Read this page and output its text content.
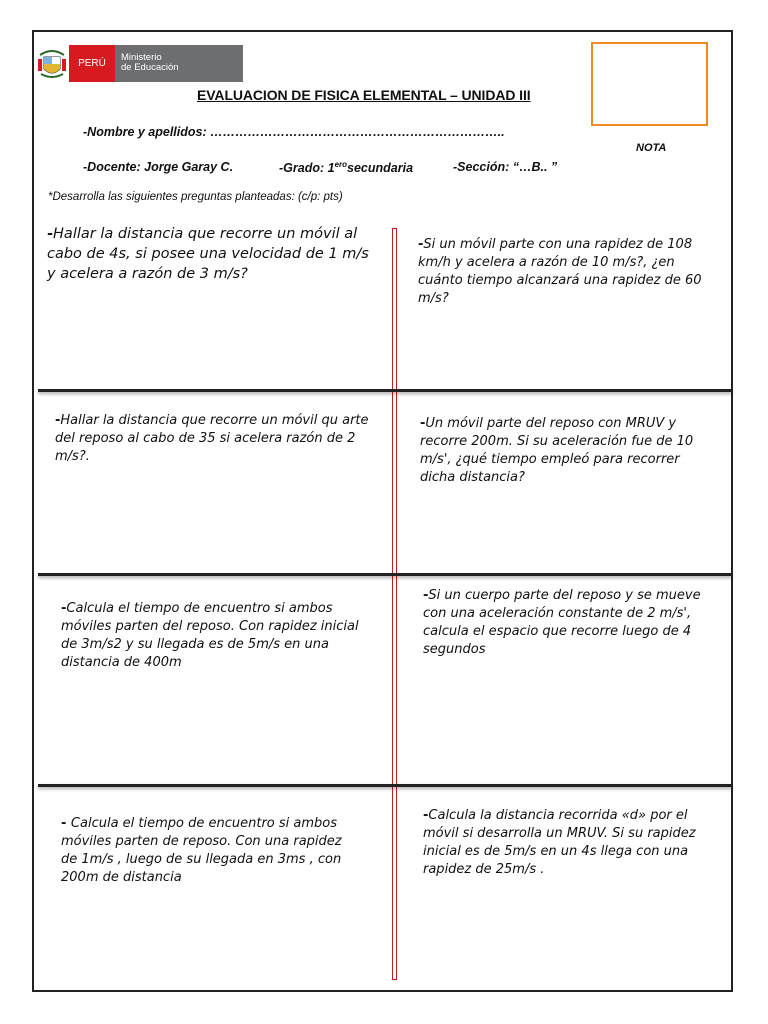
PERÚ
Ministerio
de Educación
NOTA
EVALUACION DE FISICA ELEMENTAL – UNIDAD III
-Nombre y apellidos: ……………………………………………………………..
-Docente: Jorge Garay C.	-Grado: $1^{ero}secundaria$	-Sección: “…B.. ”
*Desarrolla las siguientes preguntas planteadas: (c/p: pts)
-Hallar la distancia que recorre un móvil al cabo de 4s, si posee una velocidad de 1 m/s y acelera a razón de 3 m/s?
-Si un móvil parte con una rapidez de 108 km/h y acelera a razón de 10 m/s?, ¿en cuánto tiempo alcanzará una rapidez de 60 m/s?
-Hallar la distancia que recorre un móvil qu arte del reposo al cabo de 35 si acelera razón de 2 m/s?.
-Un móvil parte del reposo con MRUV y recorre 200m. Si su aceleración fue de 10 m/s', ¿qué tiempo empleó para recorrer dicha distancia?
-Calcula el tiempo de encuentro si ambos móviles parten del reposo. Con rapidez inicial de 3m/s2 y su llegada es de 5m/s en una distancia de 400m
-Si un cuerpo parte del reposo y se mueve con una aceleración constante de 2 m/s', calcula el espacio que recorre luego de 4 segundos
- Calcula el tiempo de encuentro si ambos móviles parten de reposo. Con una rapidez de 1m/s , luego de su llegada en 3ms , con 200m de distancia
-Calcula la distancia recorrida «d» por el móvil si desarrolla un MRUV. Si su rapidez inicial es de 5m/s en un 4s llega con una rapidez de 25m/s .
